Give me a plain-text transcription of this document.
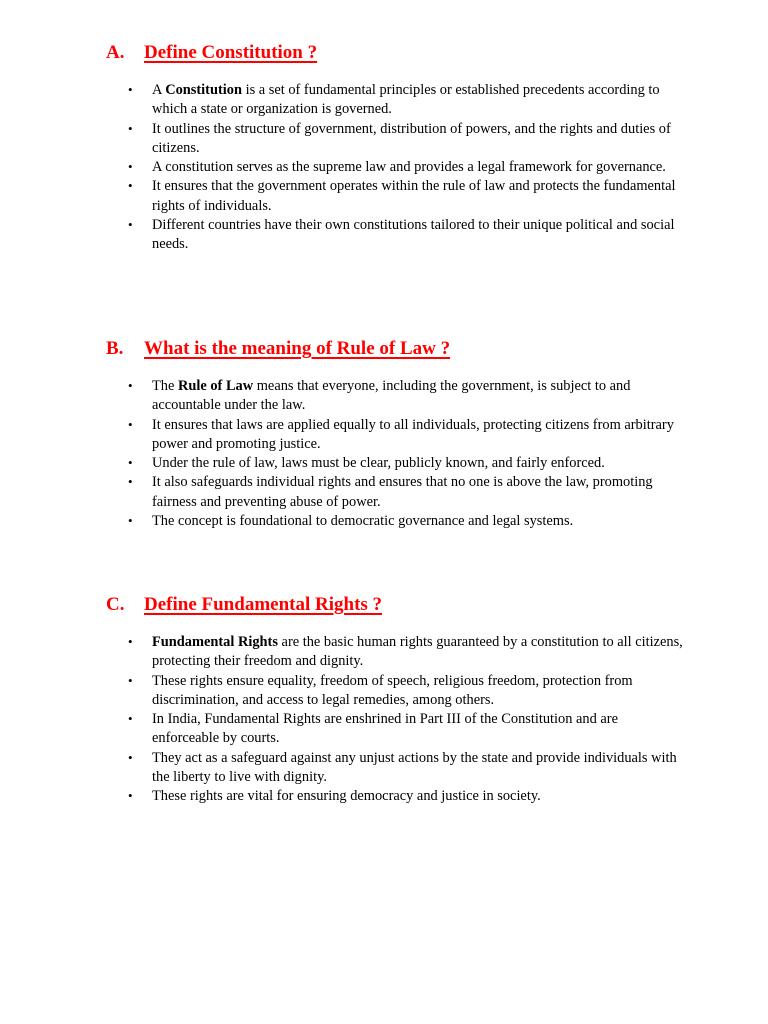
A. Define Constitution ?
• A Constitution is a set of fundamental principles or established precedents according to which a state or organization is governed.
• It outlines the structure of government, distribution of powers, and the rights and duties of citizens.
• A constitution serves as the supreme law and provides a legal framework for governance.
• It ensures that the government operates within the rule of law and protects the fundamental rights of individuals.
• Different countries have their own constitutions tailored to their unique political and social needs.
B. What is the meaning of Rule of Law ?
• The Rule of Law means that everyone, including the government, is subject to and accountable under the law.
• It ensures that laws are applied equally to all individuals, protecting citizens from arbitrary power and promoting justice.
• Under the rule of law, laws must be clear, publicly known, and fairly enforced.
• It also safeguards individual rights and ensures that no one is above the law, promoting fairness and preventing abuse of power.
• The concept is foundational to democratic governance and legal systems.
C. Define Fundamental Rights ?
• Fundamental Rights are the basic human rights guaranteed by a constitution to all citizens, protecting their freedom and dignity.
• These rights ensure equality, freedom of speech, religious freedom, protection from discrimination, and access to legal remedies, among others.
• In India, Fundamental Rights are enshrined in Part III of the Constitution and are enforceable by courts.
• They act as a safeguard against any unjust actions by the state and provide individuals with the liberty to live with dignity.
• These rights are vital for ensuring democracy and justice in society.
